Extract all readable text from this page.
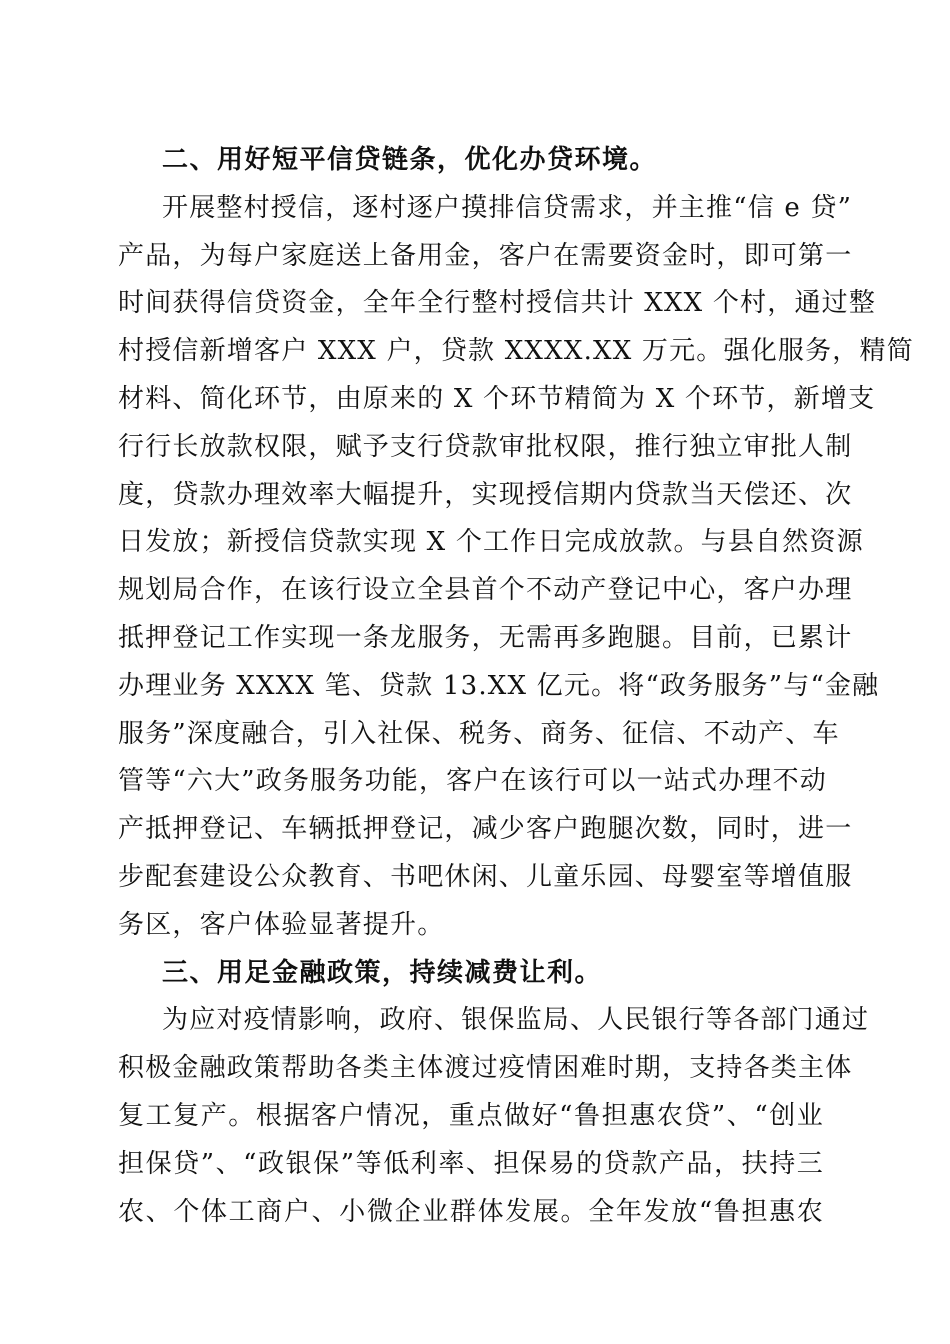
二、用好短平信贷链条，优化办贷环境。
开展整村授信，逐村逐户摸排信贷需求，并主推“信 e 贷”
产品，为每户家庭送上备用金，客户在需要资金时，即可第一
时间获得信贷资金，全年全行整村授信共计 XXX 个村，通过整
村授信新增客户 XXX 户，贷款 XXXX.XX 万元。强化服务，精简
材料、简化环节，由原来的 X 个环节精简为 X 个环节，新增支
行行长放款权限，赋予支行贷款审批权限，推行独立审批人制
度，贷款办理效率大幅提升，实现授信期内贷款当天偿还、次
日发放；新授信贷款实现 X 个工作日完成放款。与县自然资源
规划局合作，在该行设立全县首个不动产登记中心，客户办理
抵押登记工作实现一条龙服务，无需再多跑腿。目前，已累计
办理业务 XXXX 笔、贷款 13.XX 亿元。将“政务服务”与“金融
服务”深度融合，引入社保、税务、商务、征信、不动产、车
管等“六大”政务服务功能，客户在该行可以一站式办理不动
产抵押登记、车辆抵押登记，减少客户跑腿次数，同时，进一
步配套建设公众教育、书吧休闲、儿童乐园、母婴室等增值服
务区，客户体验显著提升。
三、用足金融政策，持续减费让利。
为应对疫情影响，政府、银保监局、人民银行等各部门通过
积极金融政策帮助各类主体渡过疫情困难时期，支持各类主体
复工复产。根据客户情况，重点做好“鲁担惠农贷”、“创业
担保贷”、“政银保”等低利率、担保易的贷款产品，扶持三
农、个体工商户、小微企业群体发展。全年发放“鲁担惠农
